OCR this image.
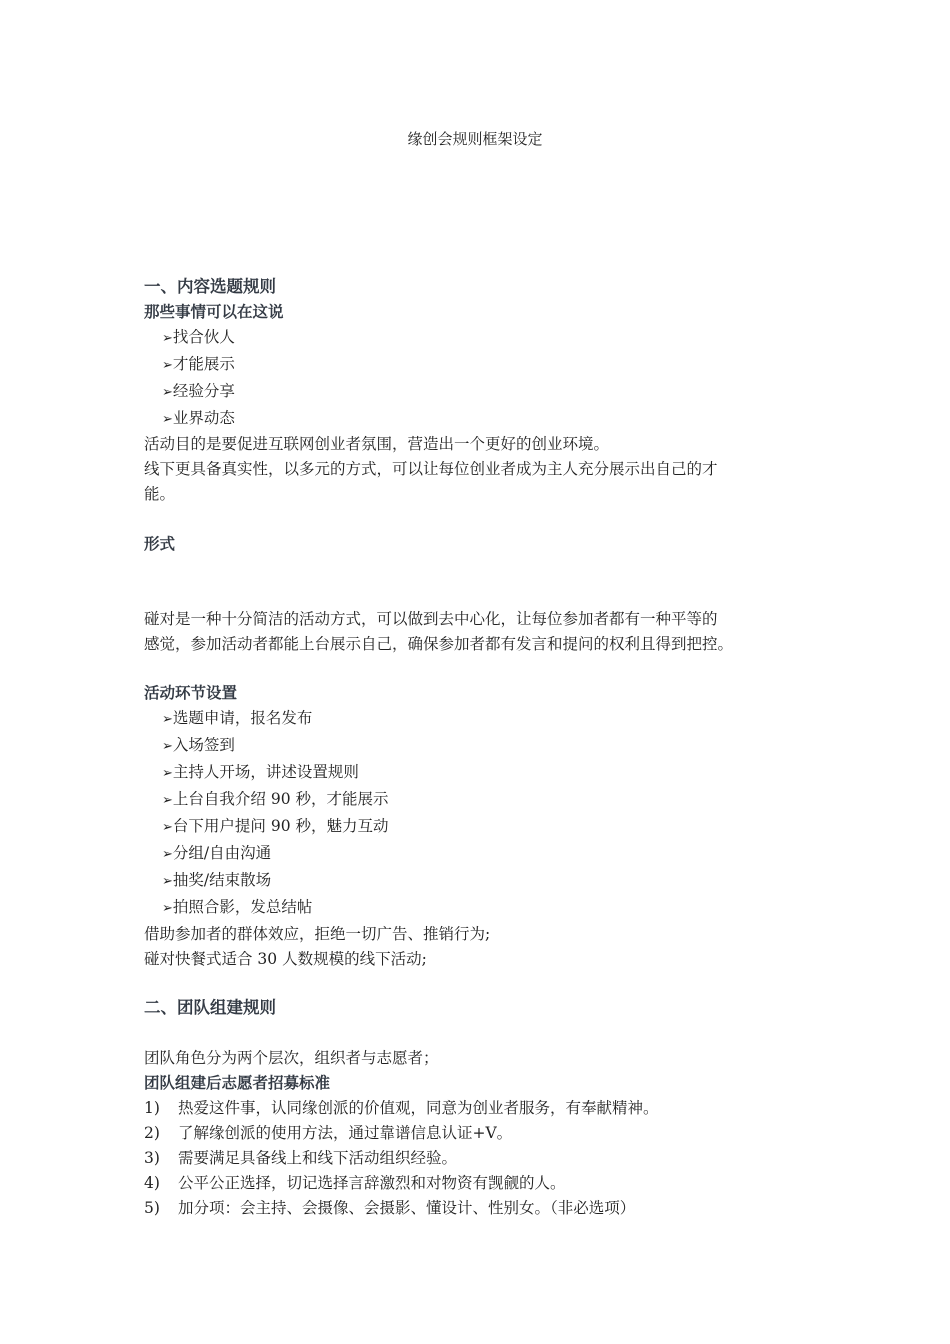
缘创会规则框架设定
一、内容选题规则
那些事情可以在这说
➢找合伙人
➢才能展示
➢经验分享
➢业界动态
活动目的是要促进互联网创业者氛围，营造出一个更好的创业环境。
线下更具备真实性，以多元的方式，可以让每位创业者成为主人充分展示出自己的才
能。
形式
碰对是一种十分简洁的活动方式，可以做到去中心化，让每位参加者都有一种平等的
感觉，参加活动者都能上台展示自己，确保参加者都有发言和提问的权利且得到把控。
活动环节设置
➢选题申请，报名发布
➢入场签到
➢主持人开场，讲述设置规则
➢上台自我介绍 90 秒，才能展示
➢台下用户提问 90 秒，魅力互动
➢分组/自由沟通
➢抽奖/结束散场
➢拍照合影，发总结帖
借助参加者的群体效应，拒绝一切广告、推销行为;
碰对快餐式适合 30 人数规模的线下活动;
二、团队组建规则
团队角色分为两个层次，组织者与志愿者；
团队组建后志愿者招募标准
1)	热爱这件事，认同缘创派的价值观，同意为创业者服务，有奉献精神。
2)	了解缘创派的使用方法，通过靠谱信息认证+V。
3)	需要满足具备线上和线下活动组织经验。
4)	公平公正选择，切记选择言辞激烈和对物资有觊觎的人。
5)	加分项：会主持、会摄像、会摄影、懂设计、性别女。（非必选项）
